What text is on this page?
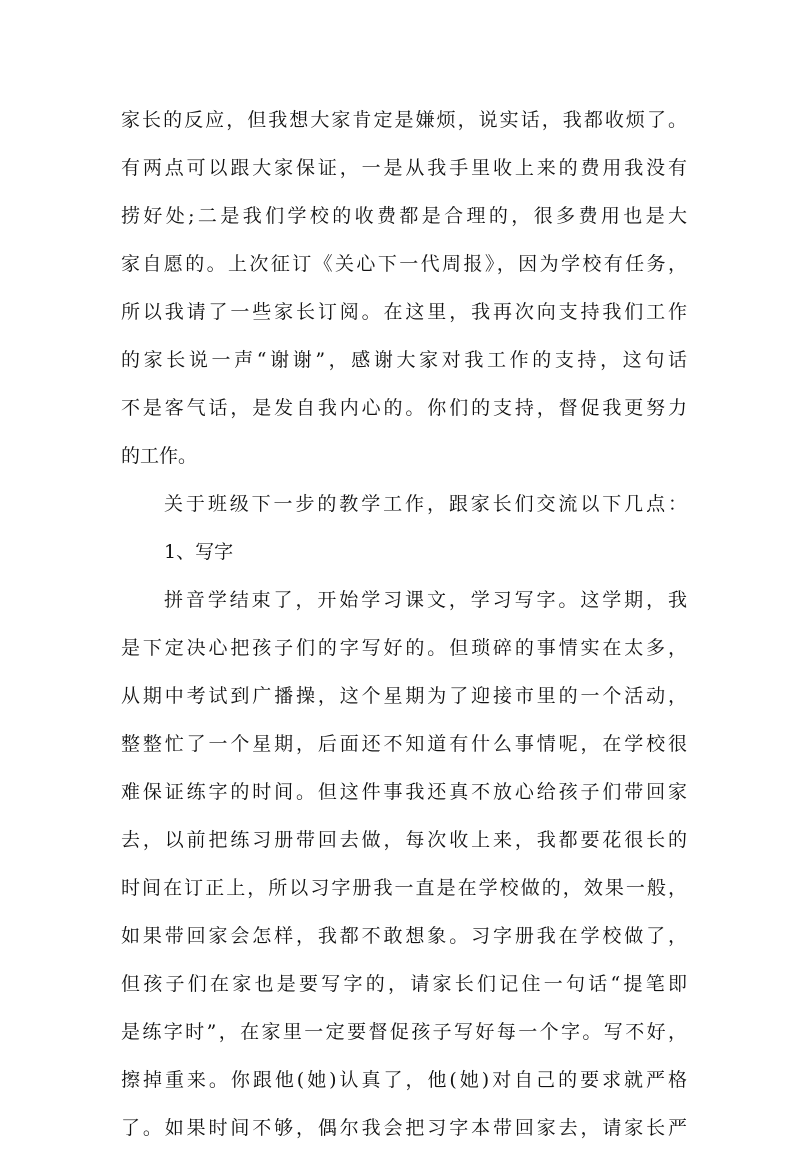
家长的反应，但我想大家肯定是嫌烦，说实话，我都收烦了。
有两点可以跟大家保证，一是从我手里收上来的费用我没有
捞好处;二是我们学校的收费都是合理的，很多费用也是大
家自愿的。上次征订《关心下一代周报》，因为学校有任务，
所以我请了一些家长订阅。在这里，我再次向支持我们工作
的家长说一声“谢谢”，感谢大家对我工作的支持，这句话
不是客气话，是发自我内心的。你们的支持，督促我更努力
的工作。
关于班级下一步的教学工作，跟家长们交流以下几点：
1、写字
拼音学结束了，开始学习课文，学习写字。这学期，我
是下定决心把孩子们的字写好的。但琐碎的事情实在太多，
从期中考试到广播操，这个星期为了迎接市里的一个活动，
整整忙了一个星期，后面还不知道有什么事情呢，在学校很
难保证练字的时间。但这件事我还真不放心给孩子们带回家
去，以前把练习册带回去做，每次收上来，我都要花很长的
时间在订正上，所以习字册我一直是在学校做的，效果一般，
如果带回家会怎样，我都不敢想象。习字册我在学校做了，
但孩子们在家也是要写字的，请家长们记住一句话“提笔即
是练字时”，在家里一定要督促孩子写好每一个字。写不好，
擦掉重来。你跟他(她)认真了，他(她)对自己的要求就严格
了。如果时间不够，偶尔我会把习字本带回家去，请家长严
